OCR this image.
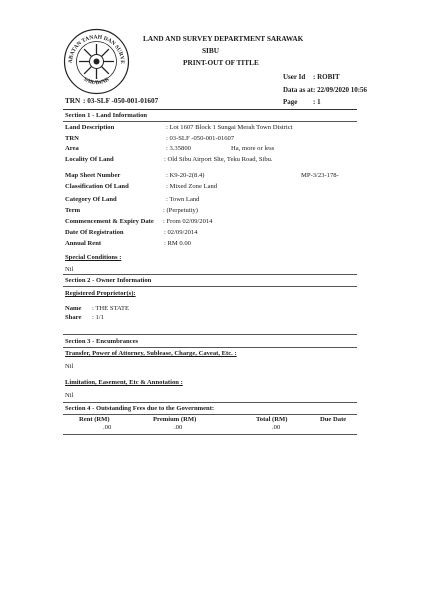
ABATAN TANAH DAN SURVE
SARAWAK
LAND AND SURVEY DEPARTMENT SARAWAK
SIBU
PRINT-OUT OF TITLE
User Id : ROBIT
Data as at : 22/09/2020 10:56
Page : 1
TRN : 03-SLF -050-001-01607
Section 1 - Land Information
Land Description	: Lot 1607 Block 1 Sungai Merah Town District
TRN	: 03-SLF -050-001-01607
Area	: 3.35800	Ha, more or less
Locality Of Land	: Old Sibu Airport Slte, Teku Road, Sibu.
Map Sheet Number	: K9-20-2(8.4)	MP-3/23-178-
Classification Of Land	: Mixed Zone Land
Category Of Land	: Town Land
Term	: (Perpetuity)
Commencement & Expiry Date : From 02/09/2014
Date Of Registration	: 02/09/2014
Annual Rent	: RM 0.00
Special Conditions :
Nil
Section 2 - Owner Information
Registered Proprietor(s):
Name : THE STATE
Share : 1/1
Section 3 - Encumbrances
Transfer, Power of Attorney, Sublease, Charge, Caveat, Etc. :
Nil
Limitation, Easement, Etc & Annotation :
Nil
Section 4 - Outstanding Fees due to the Government:
Rent (RM)	Premium (RM)	Total (RM)	Due Date
.00	.00	.00
